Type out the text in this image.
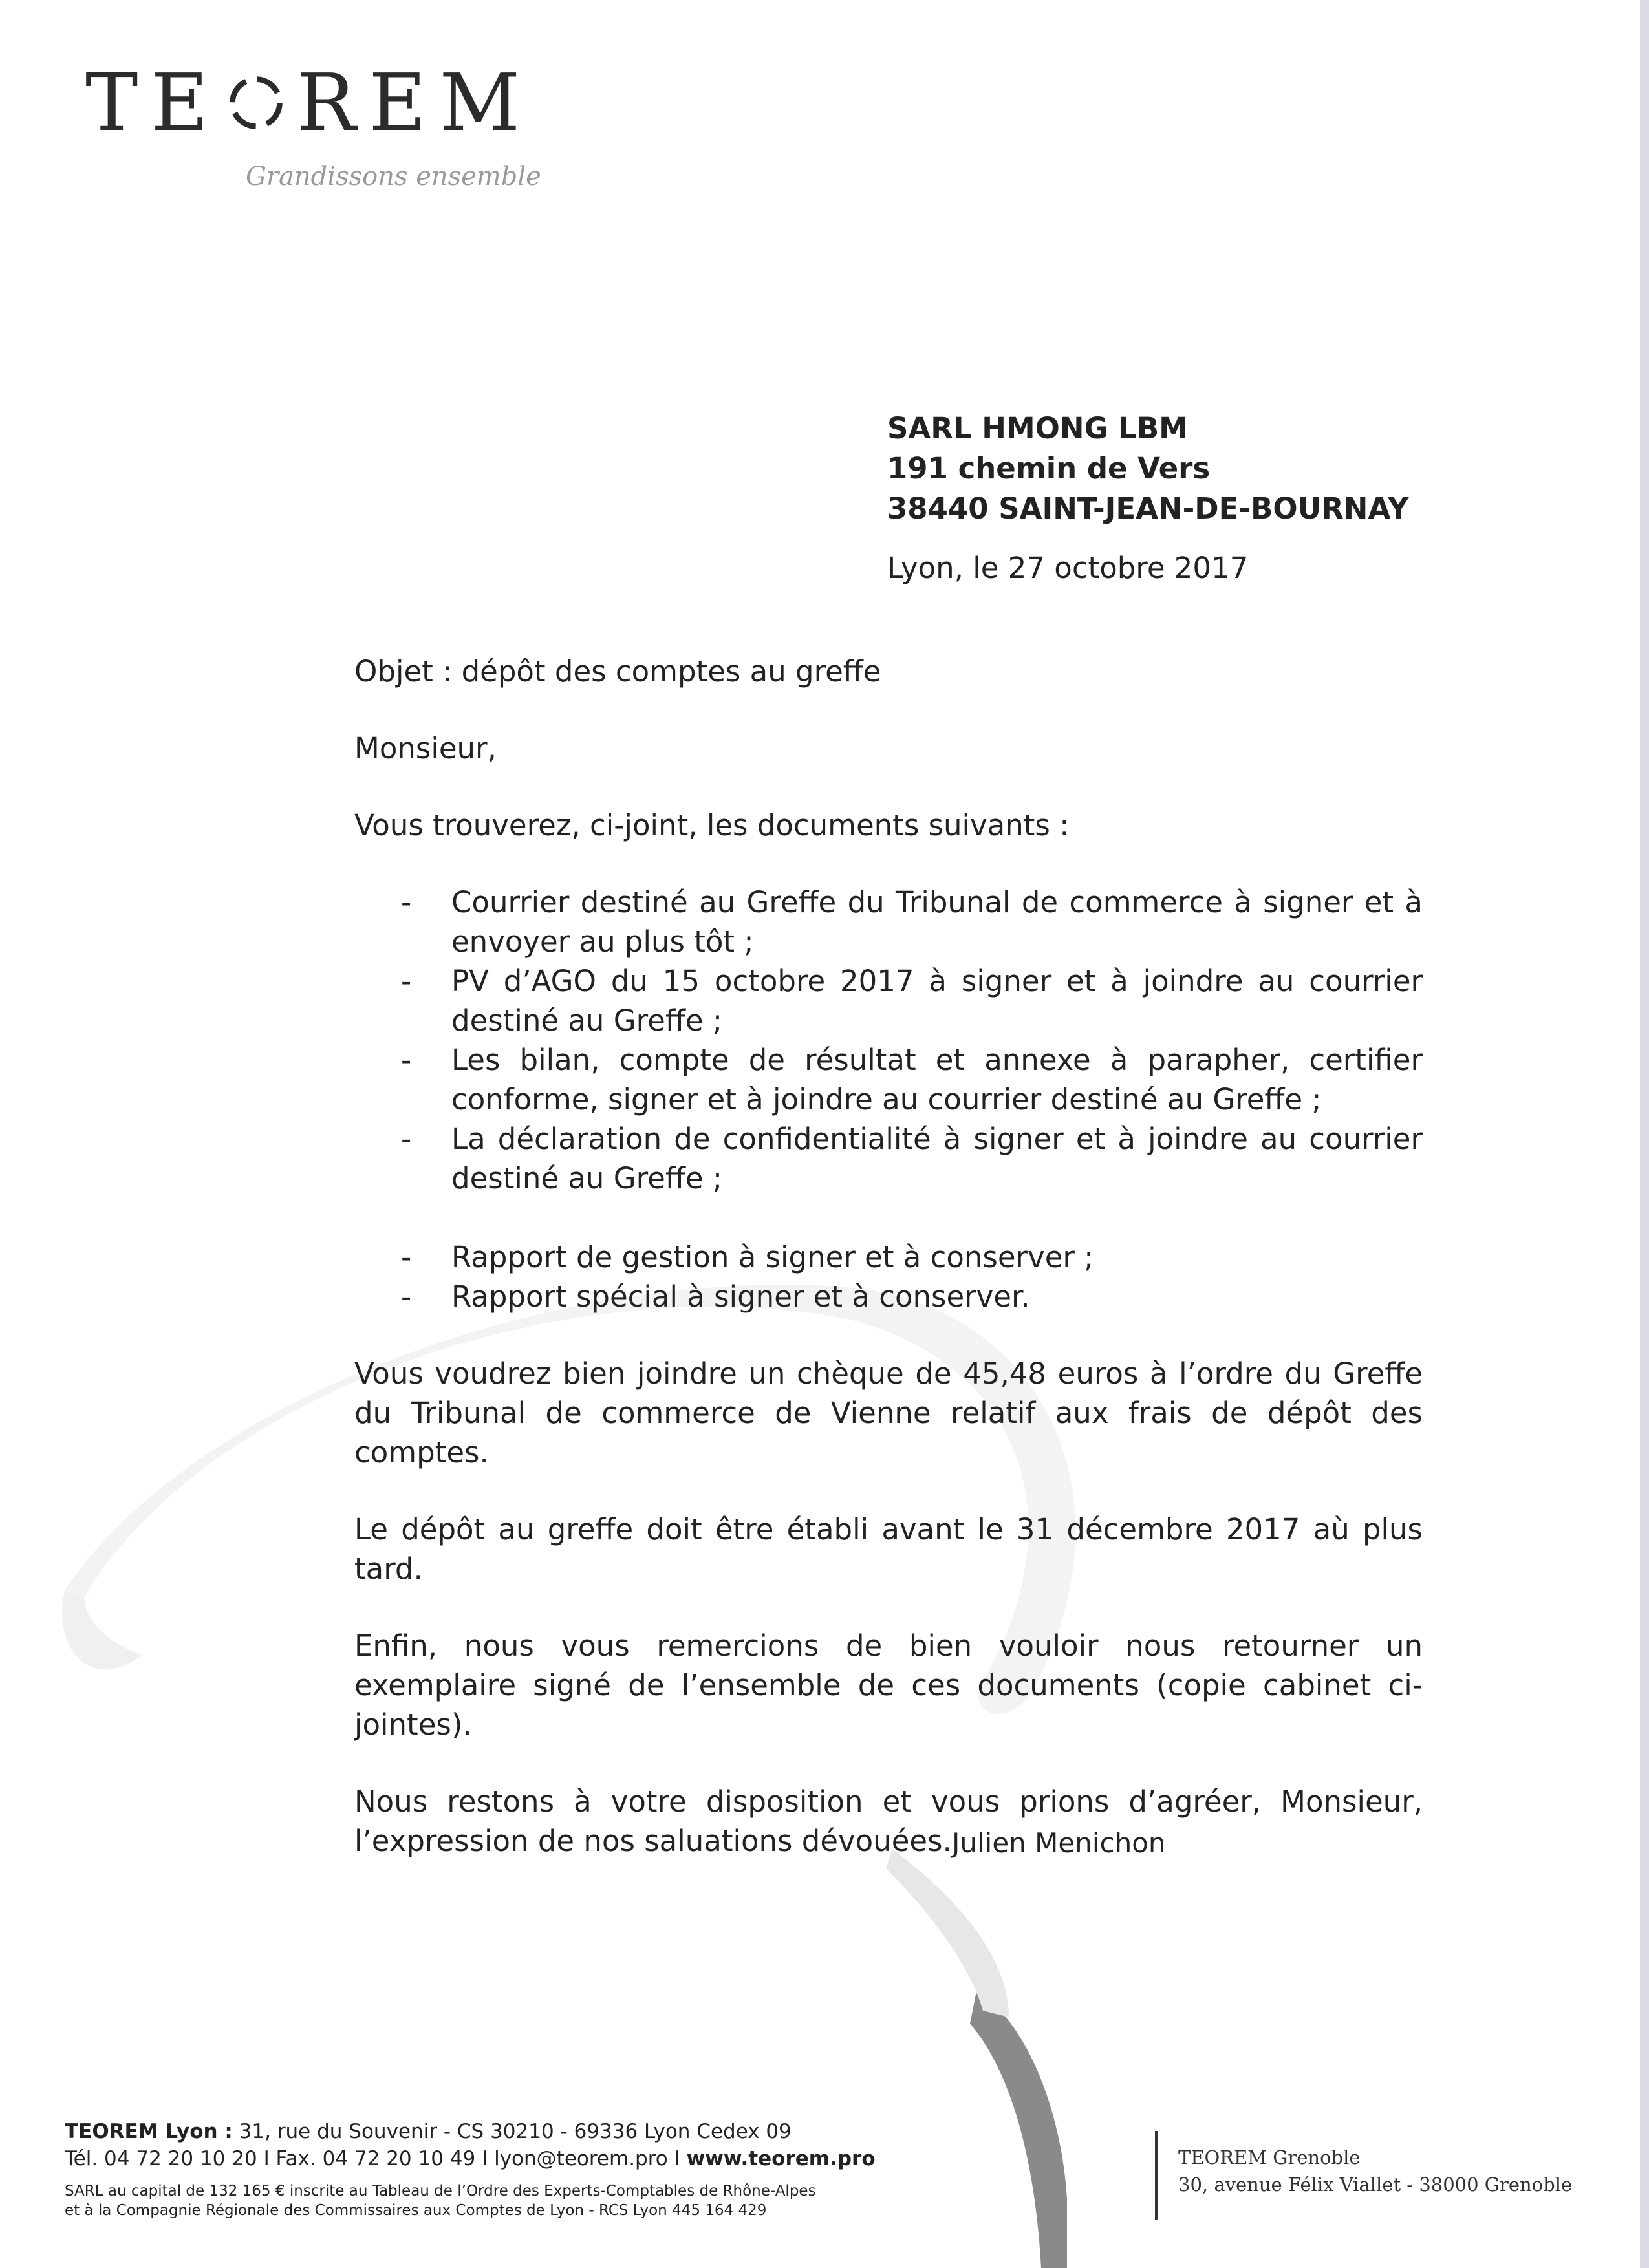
TE REM
Grandissons ensemble
SARL HMONG LBM
191 chemin de Vers
38440 SAINT-JEAN-DE-BOURNAY
Lyon, le 27 octobre 2017

Objet : dépôt des comptes au greffe

Monsieur,

Vous trouverez, ci-joint, les documents suivants :

- Courrier destiné au Greffe du Tribunal de commerce à signer et à envoyer au plus tôt ;
- PV d’AGO du 15 octobre 2017 à signer et à joindre au courrier destiné au Greffe ;
- Les bilan, compte de résultat et annexe à parapher, certifier conforme, signer et à joindre au courrier destiné au Greffe ;
- La déclaration de confidentialité à signer et à joindre au courrier destiné au Greffe ;
- Rapport de gestion à signer et à conserver ;
- Rapport spécial à signer et à conserver.

Vous voudrez bien joindre un chèque de 45,48 euros à l’ordre du Greffe du Tribunal de commerce de Vienne relatif aux frais de dépôt des comptes.

Le dépôt au greffe doit être établi avant le 31 décembre 2017 aù plus tard.

Enfin, nous vous remercions de bien vouloir nous retourner un exemplaire signé de l’ensemble de ces documents (copie cabinet ci-jointes).

Nous restons à votre disposition et vous prions d’agréer, Monsieur, l’expression de nos saluations dévouées. Julien Menichon
TEOREM Lyon : 31, rue du Souvenir - CS 30210 - 69336 Lyon Cedex 09
Tél. 04 72 20 10 20 I Fax. 04 72 20 10 49 I lyon@teorem.pro I www.teorem.pro
SARL au capital de 132 165 € inscrite au Tableau de l’Ordre des Experts-Comptables de Rhône-Alpes
et à la Compagnie Régionale des Commissaires aux Comptes de Lyon - RCS Lyon 445 164 429
TEOREM Grenoble
30, avenue Félix Viallet - 38000 Grenoble
